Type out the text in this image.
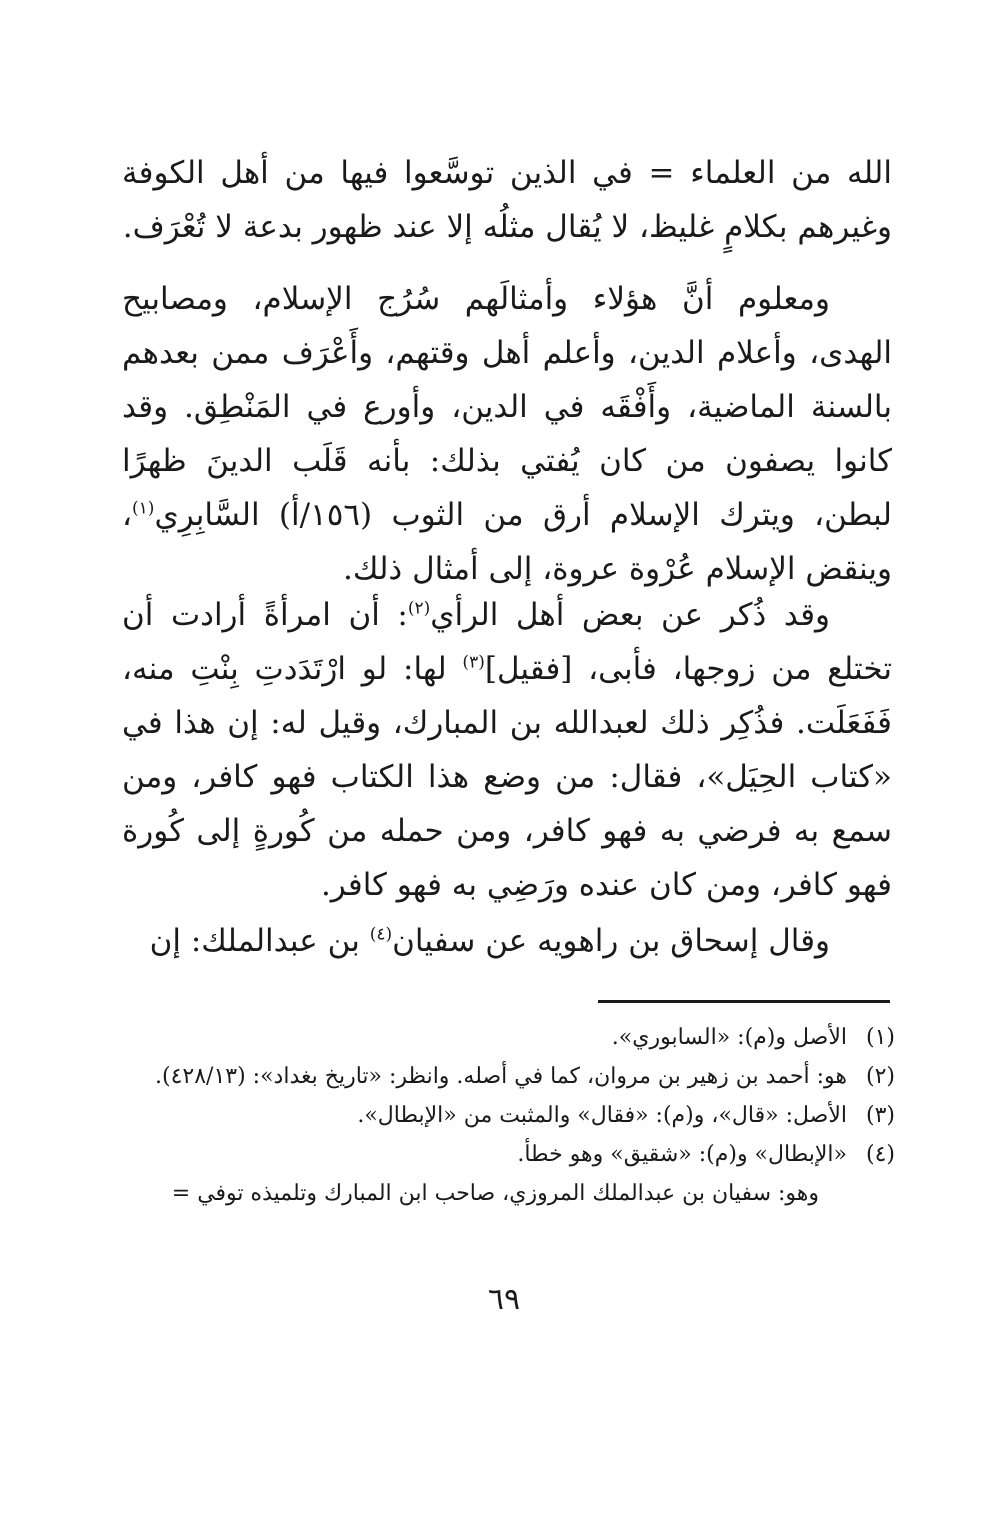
الله من العلماء = في الذين توسَّعوا فيها من أهل الكوفة وغيرهم بكلامٍ غليظ، لا يُقال مثلُه إلا عند ظهور بدعة لا تُعْرَف.

  ومعلوم أنَّ هؤلاء وأمثالَهم سُرُج الإسلام، ومصابيح الهدى، وأعلام الدين، وأعلم أهل وقتهم، وأَعْرَف ممن بعدهم بالسنة الماضية، وأَفْقَه في الدين، وأورع في المَنْطِق. وقد كانوا يصفون من كان يُفتي بذلك: بأنه قَلَب الدينَ ظهرًا لبطن، ويترك الإسلام أرق من الثوب (١٥٦/أ) السَّابِرِي$^{(١)}$، وينقض الإسلام عُرْوة عروة، إلى أمثال ذلك.

  وقد ذُكر عن بعض أهل الرأي$^{(٢)}$: أن امرأةً أرادت أن تختلع من زوجها، فأبى، [فقيل]$^{(٣)}$ لها: لو ارْتَدَدتِ بِنْتِ منه، فَفَعَلَت. فذُكِر ذلك لعبدالله بن المبارك، وقيل له: إن هذا في «كتاب الحِيَل»، فقال: من وضع هذا الكتاب فهو كافر، ومن سمع به فرضي به فهو كافر، ومن حمله من كُورةٍ إلى كُورة فهو كافر، ومن كان عنده ورَضِي به فهو كافر.

  وقال إسحاق بن راهويه عن سفيان$^{(٤)}$ بن عبدالملك: إن

(١)الأصل و(م): «السابوري».

(٢)هو: أحمد بن زهير بن مروان، كما في أصله. وانظر: «تاريخ بغداد»: (٤٢٨/١٣).

(٣)الأصل: «قال»، و(م): «فقال» والمثبت من «الإبطال».

(٤)«الإبطال» و(م): «شقيق» وهو خطأ.

وهو: سفيان بن عبدالملك المروزي، صاحب ابن المبارك وتلميذه توفي =

٦٩
